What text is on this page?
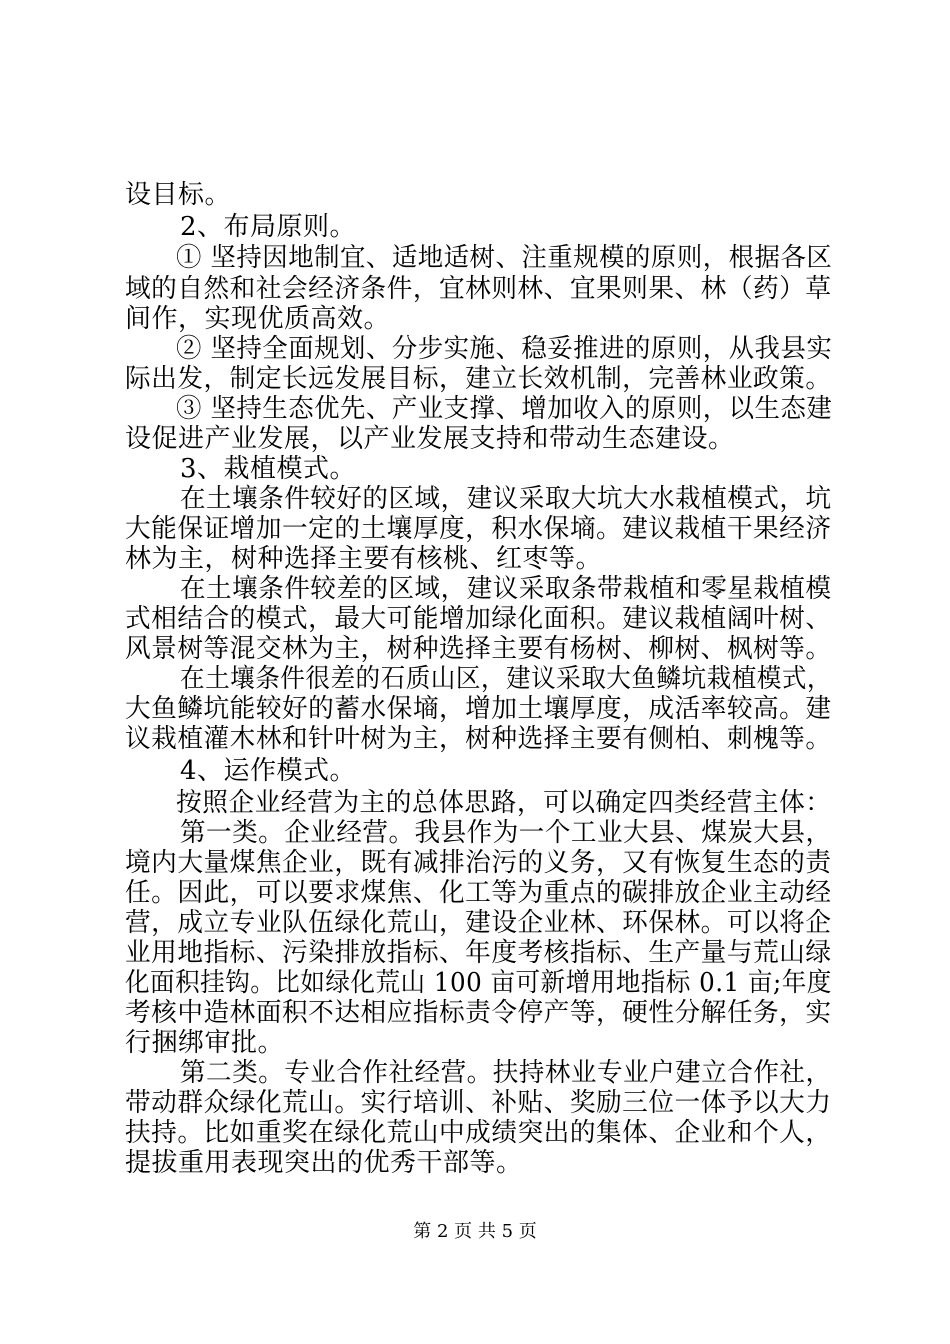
设目标。
2、布局原则。
① 坚持因地制宜、适地适树、注重规模的原则，根据各区
域的自然和社会经济条件，宜林则林、宜果则果、林（药）草
间作，实现优质高效。
② 坚持全面规划、分步实施、稳妥推进的原则，从我县实
际出发，制定长远发展目标，建立长效机制，完善林业政策。
③ 坚持生态优先、产业支撑、增加收入的原则，以生态建
设促进产业发展，以产业发展支持和带动生态建设。
3、栽植模式。
在土壤条件较好的区域，建议采取大坑大水栽植模式，坑
大能保证增加一定的土壤厚度，积水保墒。建议栽植干果经济
林为主，树种选择主要有核桃、红枣等。
在土壤条件较差的区域，建议采取条带栽植和零星栽植模
式相结合的模式，最大可能增加绿化面积。建议栽植阔叶树、
风景树等混交林为主，树种选择主要有杨树、柳树、枫树等。
在土壤条件很差的石质山区，建议采取大鱼鳞坑栽植模式，
大鱼鳞坑能较好的蓄水保墒，增加土壤厚度，成活率较高。建
议栽植灌木林和针叶树为主，树种选择主要有侧柏、刺槐等。
4、运作模式。
按照企业经营为主的总体思路，可以确定四类经营主体：
第一类。企业经营。我县作为一个工业大县、煤炭大县，
境内大量煤焦企业，既有减排治污的义务，又有恢复生态的责
任。因此，可以要求煤焦、化工等为重点的碳排放企业主动经
营，成立专业队伍绿化荒山，建设企业林、环保林。可以将企
业用地指标、污染排放指标、年度考核指标、生产量与荒山绿
化面积挂钩。比如绿化荒山 100 亩可新增用地指标 0.1 亩;年度
考核中造林面积不达相应指标责令停产等，硬性分解任务，实
行捆绑审批。
第二类。专业合作社经营。扶持林业专业户建立合作社，
带动群众绿化荒山。实行培训、补贴、奖励三位一体予以大力
扶持。比如重奖在绿化荒山中成绩突出的集体、企业和个人，
提拔重用表现突出的优秀干部等。
第 2 页 共 5 页
